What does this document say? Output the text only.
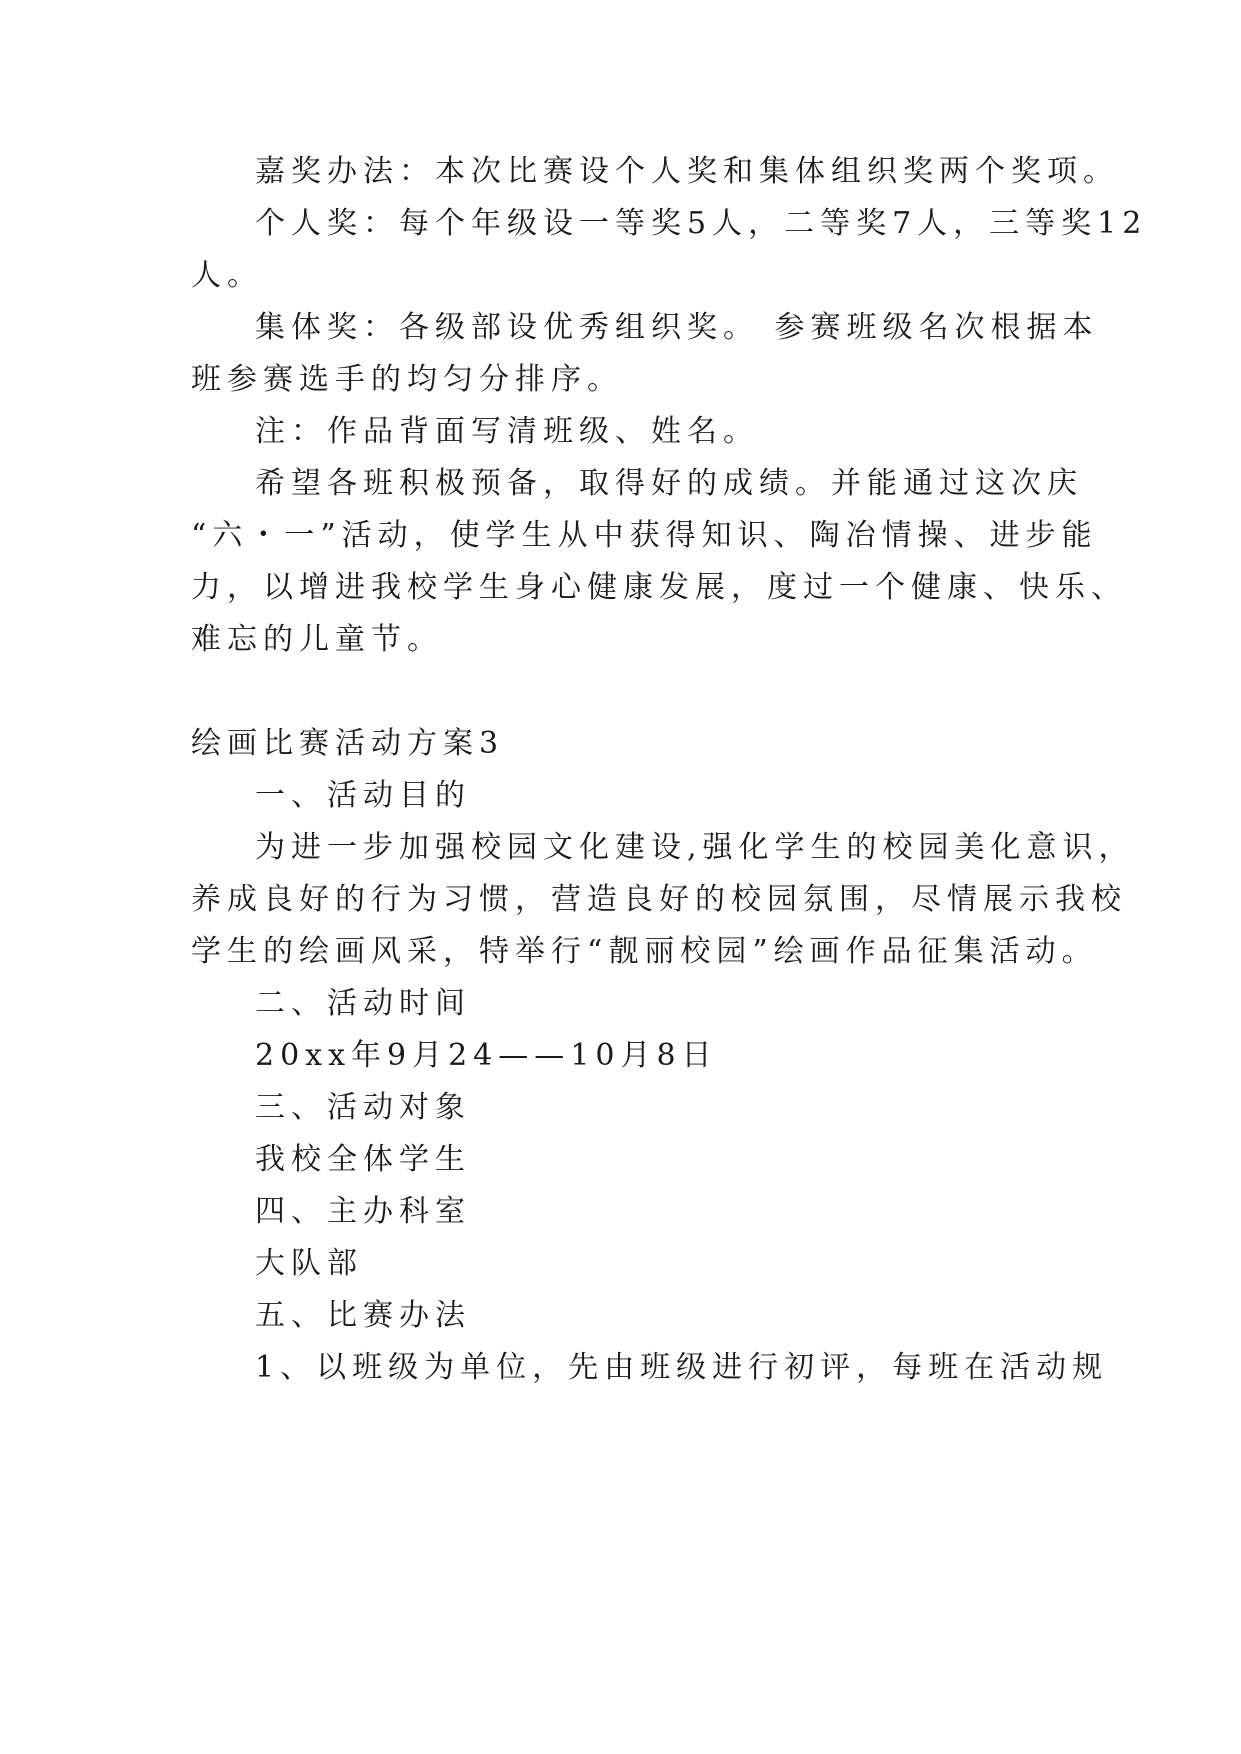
嘉奖办法：本次比赛设个人奖和集体组织奖两个奖项。
个人奖：每个年级设一等奖5人，二等奖7人，三等奖12
人。
集体奖：各级部设优秀组织奖。 参赛班级名次根据本
班参赛选手的均匀分排序。
注：作品背面写清班级、姓名。
希望各班积极预备，取得好的成绩。并能通过这次庆
“六・一”活动，使学生从中获得知识、陶冶情操、进步能
力，以增进我校学生身心健康发展，度过一个健康、快乐、
难忘的儿童节。
绘画比赛活动方案3
一、活动目的
为进一步加强校园文化建设,强化学生的校园美化意识，
养成良好的行为习惯，营造良好的校园氛围，尽情展示我校
学生的绘画风采，特举行“靓丽校园”绘画作品征集活动。
二、活动时间
20xx年9月24——10月8日
三、活动对象
我校全体学生
四、主办科室
大队部
五、比赛办法
1、以班级为单位，先由班级进行初评，每班在活动规
